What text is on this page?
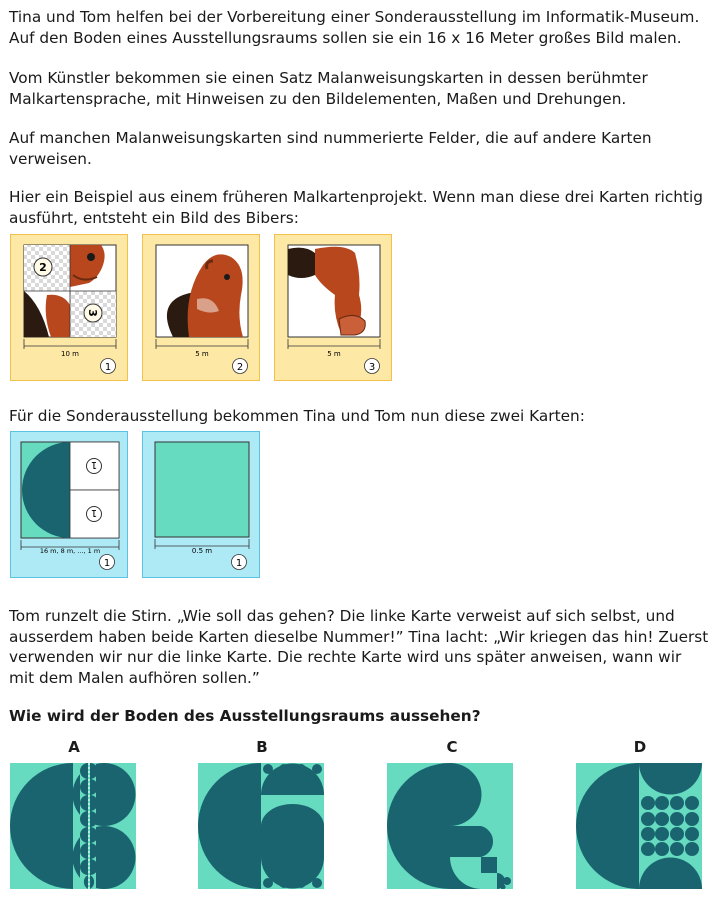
Tina und Tom helfen bei der Vorbereitung einer Sonderausstellung im Informatik-Museum. Auf den Boden eines Ausstellungsraums sollen sie ein 16 x 16 Meter großes Bild malen.

Vom Künstler bekommen sie einen Satz Malanweisungskarten in dessen berühmter Malkartensprache, mit Hinweisen zu den Bildelementen, Maßen und Drehungen.

Auf manchen Malanweisungskarten sind nummerierte Felder, die auf andere Karten verweisen.

Hier ein Beispiel aus einem früheren Malkartenprojekt. Wenn man diese drei Karten richtig ausführt, entsteht ein Bild des Bibers:

2
3
10 m
1
5 m
2
5 m
3

Für die Sonderausstellung bekommen Tina und Tom nun diese zwei Karten:

1
1
16 m, 8 m, ..., 1 m
1
0.5 m
1

Tom runzelt die Stirn. „Wie soll das gehen? Die linke Karte verweist auf sich selbst, und ausserdem haben beide Karten dieselbe Nummer!” Tina lacht: „Wir kriegen das hin! Zuerst verwenden wir nur die linke Karte. Die rechte Karte wird uns später anweisen, wann wir mit dem Malen aufhören sollen.”

Wie wird der Boden des Ausstellungsraums aussehen?

A	B	C	D
